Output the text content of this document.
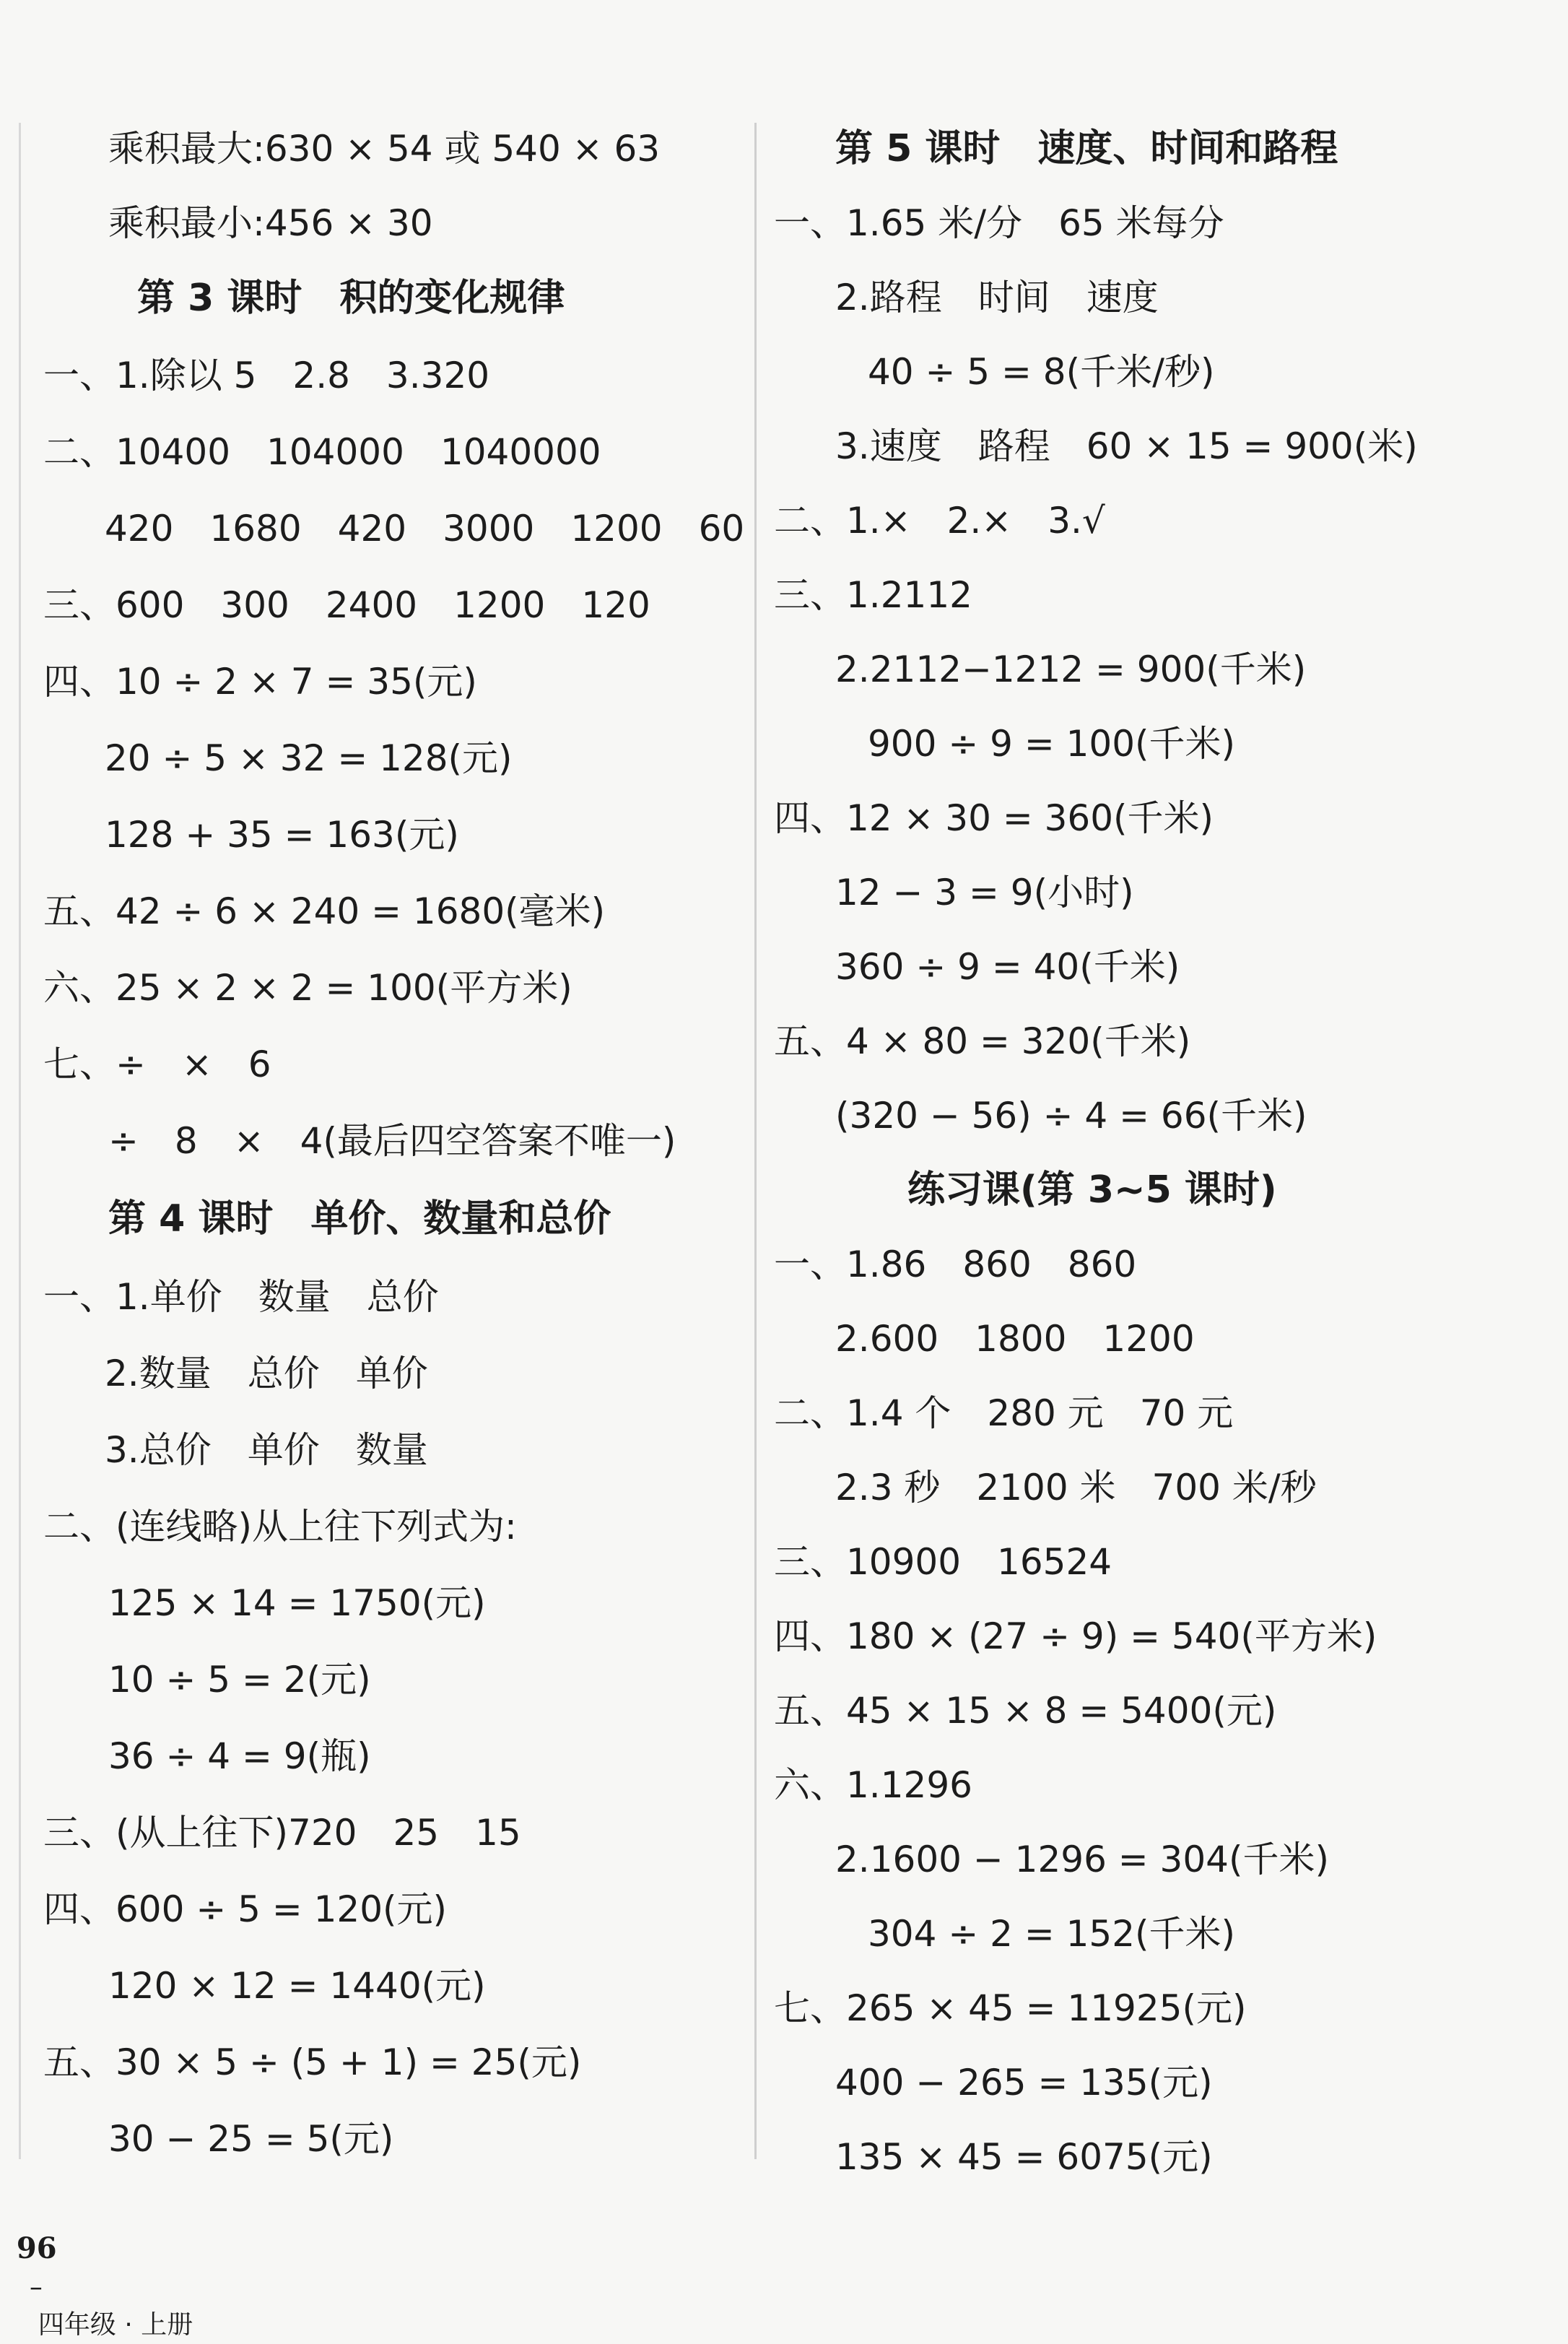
乘积最大:630 × 54 或 540 × 63
乘积最小:456 × 30
第 3 课时　积的变化规律
一、1.除以 5　2.8　3.320
二、10400　104000　1040000
420　1680　420　3000　1200　60
三、600　300　2400　1200　120
四、10 ÷ 2 × 7 = 35(元)
20 ÷ 5 × 32 = 128(元)
128 + 35 = 163(元)
五、42 ÷ 6 × 240 = 1680(毫米)
六、25 × 2 × 2 = 100(平方米)
七、÷　×　6
÷　8　×　4(最后四空答案不唯一)
第 4 课时　单价、数量和总价
一、1.单价　数量　总价
2.数量　总价　单价
3.总价　单价　数量
二、(连线略)从上往下列式为:
125 × 14 = 1750(元)
10 ÷ 5 = 2(元)
36 ÷ 4 = 9(瓶)
三、(从上往下)720　25　15
四、600 ÷ 5 = 120(元)
120 × 12 = 1440(元)
五、30 × 5 ÷ (5 + 1) = 25(元)
30 − 25 = 5(元)
第 5 课时　速度、时间和路程
一、1.65 米/分　65 米每分
2.路程　时间　速度
40 ÷ 5 = 8(千米/秒)
3.速度　路程　60 × 15 = 900(米)
二、1.×　2.×　3.√
三、1.2112
2.2112−1212 = 900(千米)
900 ÷ 9 = 100(千米)
四、12 × 30 = 360(千米)
12 − 3 = 9(小时)
360 ÷ 9 = 40(千米)
五、4 × 80 = 320(千米)
(320 − 56) ÷ 4 = 66(千米)
练习课(第 3~5 课时)
一、1.86　860　860
2.600　1800　1200
二、1.4 个　280 元　70 元
2.3 秒　2100 米　700 米/秒
三、10900　16524
四、180 × (27 ÷ 9) = 540(平方米)
五、45 × 15 × 8 = 5400(元)
六、1.1296
2.1600 − 1296 = 304(千米)
304 ÷ 2 = 152(千米)
七、265 × 45 = 11925(元)
400 − 265 = 135(元)
135 × 45 = 6075(元)

96
–
四年级 · 上册
